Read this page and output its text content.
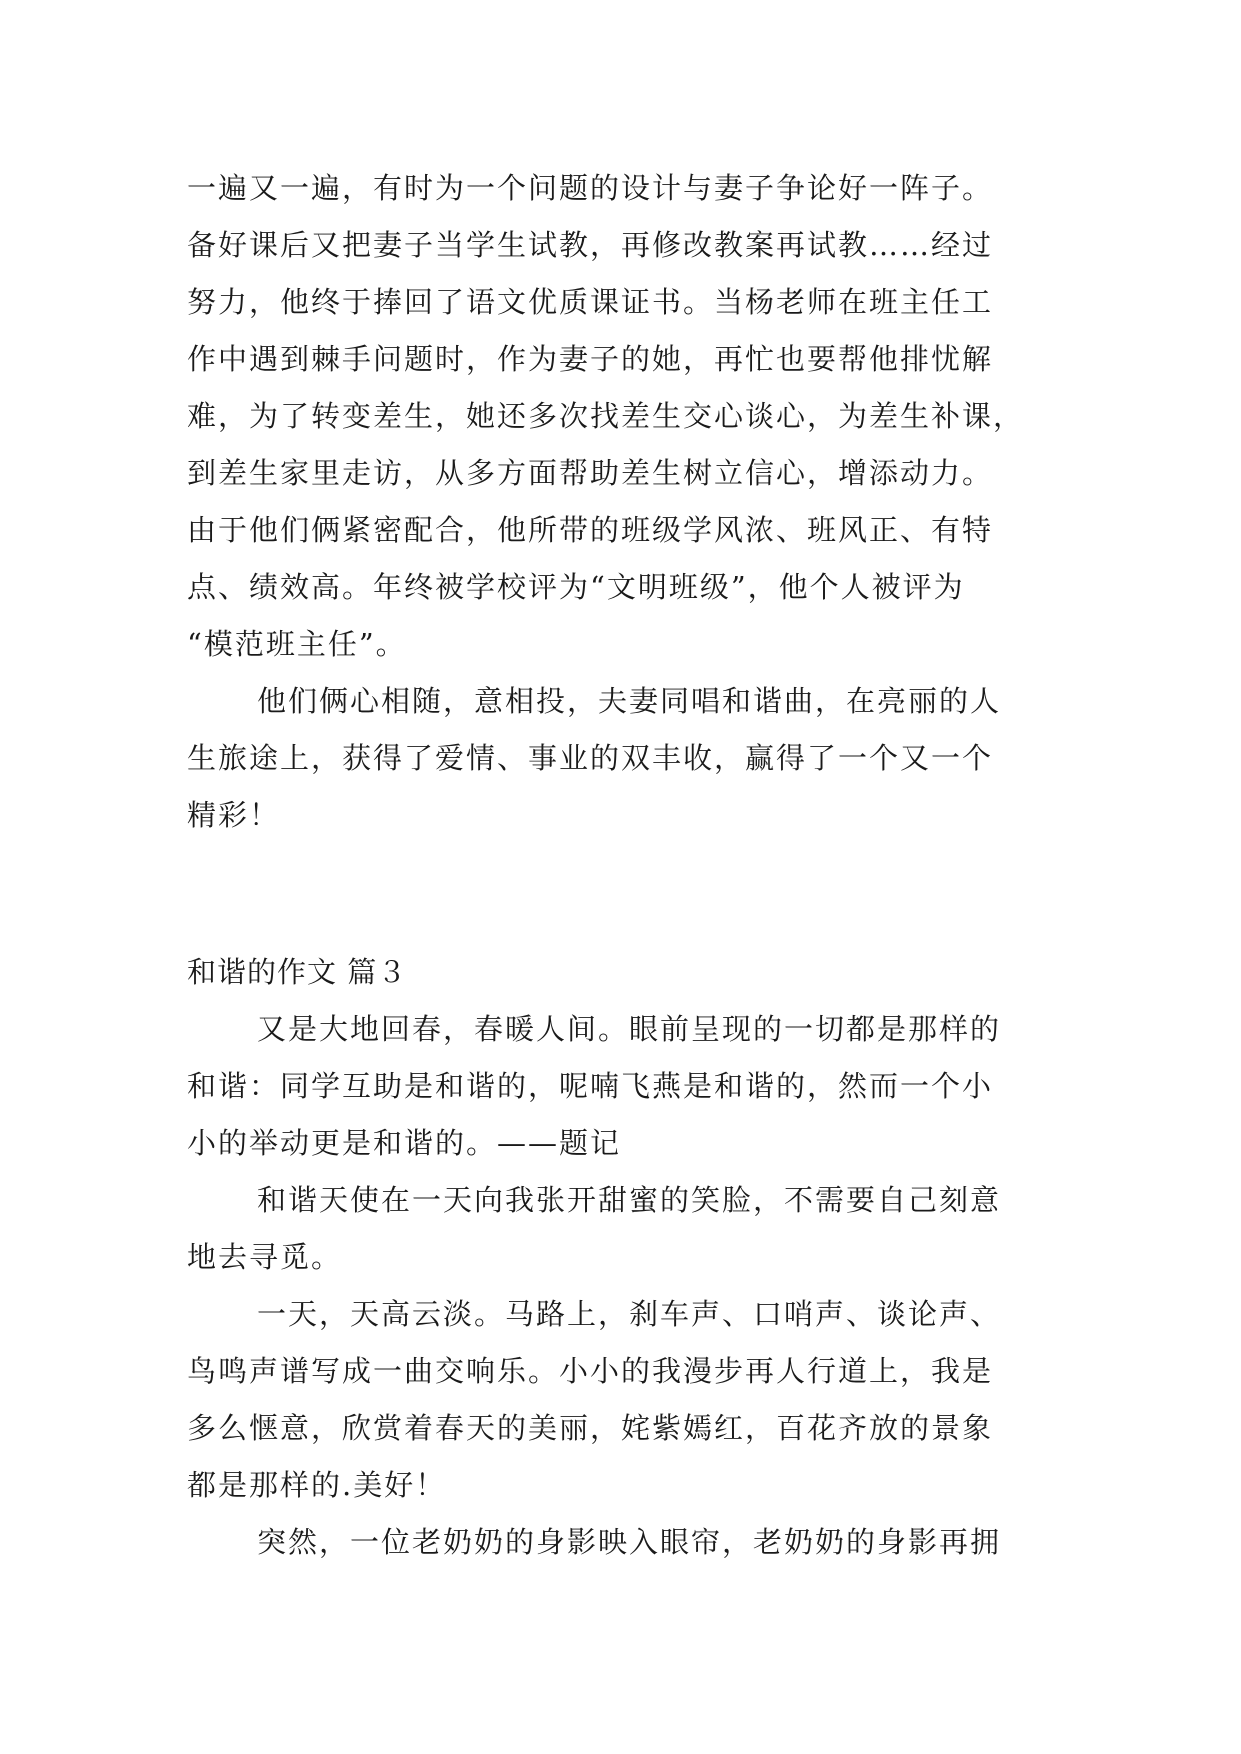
一遍又一遍，有时为一个问题的设计与妻子争论好一阵子。
备好课后又把妻子当学生试教，再修改教案再试教……经过
努力，他终于捧回了语文优质课证书。当杨老师在班主任工
作中遇到棘手问题时，作为妻子的她，再忙也要帮他排忧解
难，为了转变差生，她还多次找差生交心谈心，为差生补课，
到差生家里走访，从多方面帮助差生树立信心，增添动力。
由于他们俩紧密配合，他所带的班级学风浓、班风正、有特
点、绩效高。年终被学校评为“文明班级”，他个人被评为
“模范班主任”。
他们俩心相随，意相投，夫妻同唱和谐曲，在亮丽的人
生旅途上，获得了爱情、事业的双丰收，赢得了一个又一个
精彩！
和谐的作文 篇３
又是大地回春，春暖人间。眼前呈现的一切都是那样的
和谐：同学互助是和谐的，呢喃飞燕是和谐的，然而一个小
小的举动更是和谐的。——题记
和谐天使在一天向我张开甜蜜的笑脸，不需要自己刻意
地去寻觅。
一天，天高云淡。马路上，刹车声、口哨声、谈论声、
鸟鸣声谱写成一曲交响乐。小小的我漫步再人行道上，我是
多么惬意，欣赏着春天的美丽，姹紫嫣红，百花齐放的景象
都是那样的.美好！
突然，一位老奶奶的身影映入眼帘，老奶奶的身影再拥
